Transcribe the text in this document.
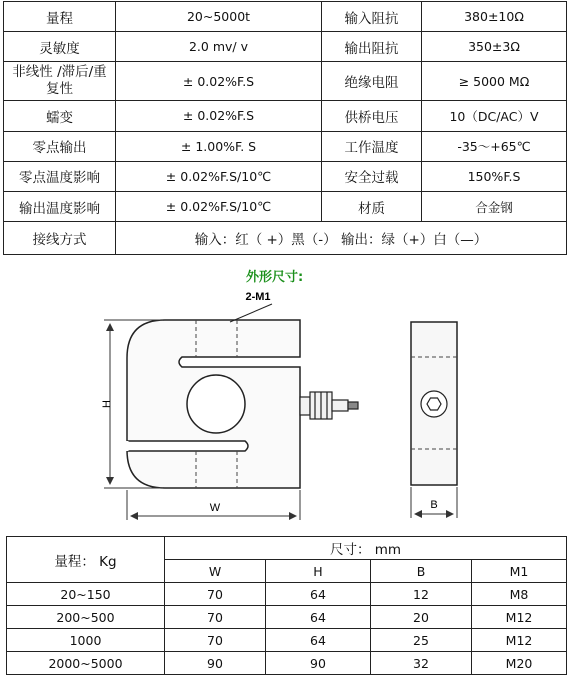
量程	20~5000t	输入阻抗	380±10Ω
灵敏度	2.0 mv/ v	输出阻抗	350±3Ω
非线性 /滞后/重复性	± 0.02%F.S	绝缘电阻	≥ 5000 MΩ
蠕变	± 0.02%F.S	供桥电压	10（DC/AC）V
零点输出	± 1.00%F. S	工作温度	-35～+65℃
零点温度影响	± 0.02%F.S/10℃	安全过载	150%F.S
输出温度影响	± 0.02%F.S/10℃	材质	合金钢
接线方式	输入：红（ +）黑（-） 输出：绿（+）白（—）		
外形尺寸:
2-M1
H
W	B
量程： Kg	尺寸： mm			
	W	H	B	M1
20~150	70	64	12	M8
200~500	70	64	20	M12
1000	70	64	25	M12
2000~5000	90	90	32	M20
